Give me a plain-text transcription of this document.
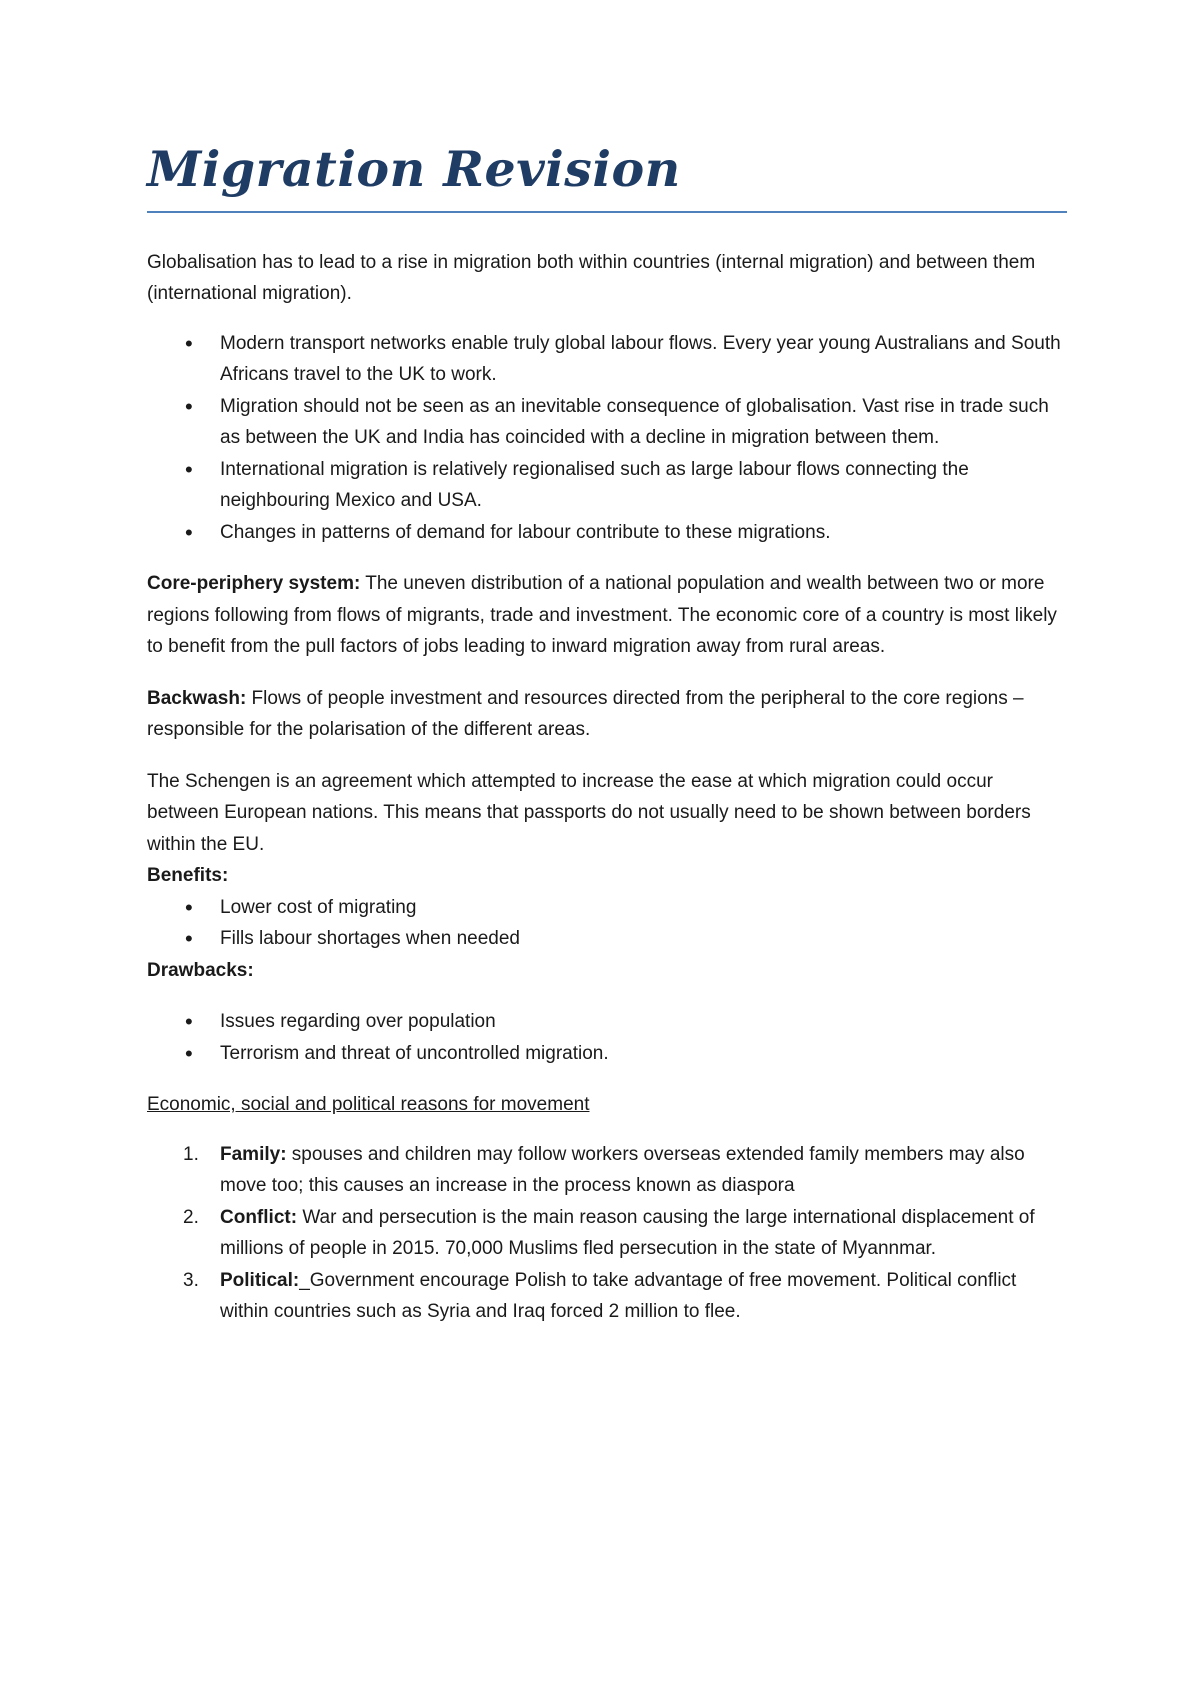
Migration Revision

Globalisation has to lead to a rise in migration both within countries (internal migration) and between them (international migration).

• Modern transport networks enable truly global labour flows. Every year young Australians and South Africans travel to the UK to work.
• Migration should not be seen as an inevitable consequence of globalisation. Vast rise in trade such as between the UK and India has coincided with a decline in migration between them.
• International migration is relatively regionalised such as large labour flows connecting the neighbouring Mexico and USA.
• Changes in patterns of demand for labour contribute to these migrations.

Core-periphery system: The uneven distribution of a national population and wealth between two or more regions following from flows of migrants, trade and investment. The economic core of a country is most likely to benefit from the pull factors of jobs leading to inward migration away from rural areas.

Backwash: Flows of people investment and resources directed from the peripheral to the core regions – responsible for the polarisation of the different areas.

The Schengen is an agreement which attempted to increase the ease at which migration could occur between European nations. This means that passports do not usually need to be shown between borders within the EU.

Benefits:

• Lower cost of migrating
• Fills labour shortages when needed

Drawbacks:

• Issues regarding over population
• Terrorism and threat of uncontrolled migration.

Economic, social and political reasons for movement

1. Family: spouses and children may follow workers overseas extended family members may also move too; this causes an increase in the process known as diaspora
2. Conflict: War and persecution is the main reason causing the large international displacement of millions of people in 2015. 70,000 Muslims fled persecution in the state of Myannmar.
3. Political:_Government encourage Polish to take advantage of free movement. Political conflict within countries such as Syria and Iraq forced 2 million to flee.
